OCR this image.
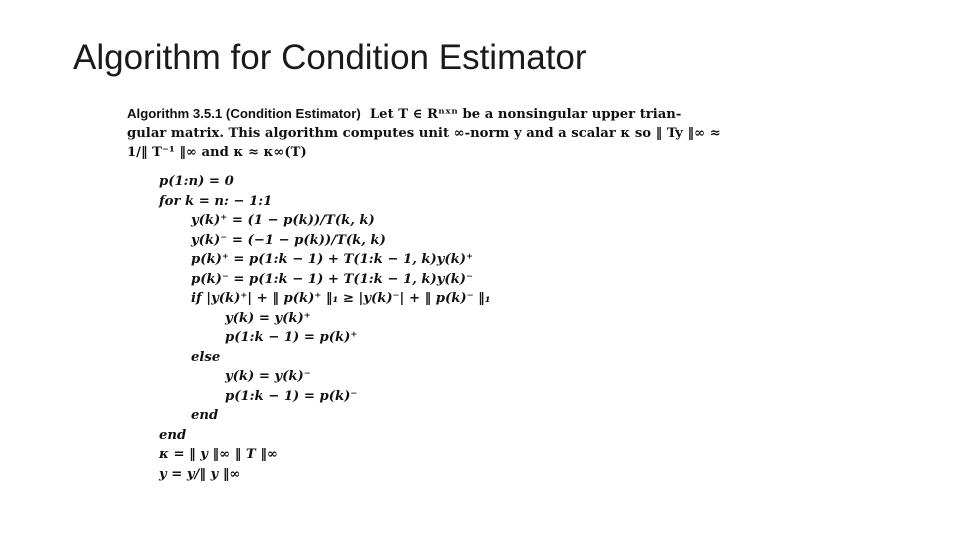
Algorithm for Condition Estimator
Algorithm 3.5.1 (Condition Estimator) Let T ∈ Rⁿˣⁿ be a nonsingular upper trian-
gular matrix. This algorithm computes unit ∞-norm y and a scalar κ so ‖ Ty ‖∞ ≈
1/‖ T⁻¹ ‖∞ and κ ≈ κ∞(T)
p(1:n) = 0
for k = n: − 1:1
y(k)⁺ = (1 − p(k))/T(k, k)
y(k)⁻ = (−1 − p(k))/T(k, k)
p(k)⁺ = p(1:k − 1) + T(1:k − 1, k)y(k)⁺
p(k)⁻ = p(1:k − 1) + T(1:k − 1, k)y(k)⁻
if |y(k)⁺| + ‖ p(k)⁺ ‖₁ ≥ |y(k)⁻| + ‖ p(k)⁻ ‖₁
y(k) = y(k)⁺
p(1:k − 1) = p(k)⁺
else
y(k) = y(k)⁻
p(1:k − 1) = p(k)⁻
end
end
κ = ‖ y ‖∞ ‖ T ‖∞
y = y/‖ y ‖∞
